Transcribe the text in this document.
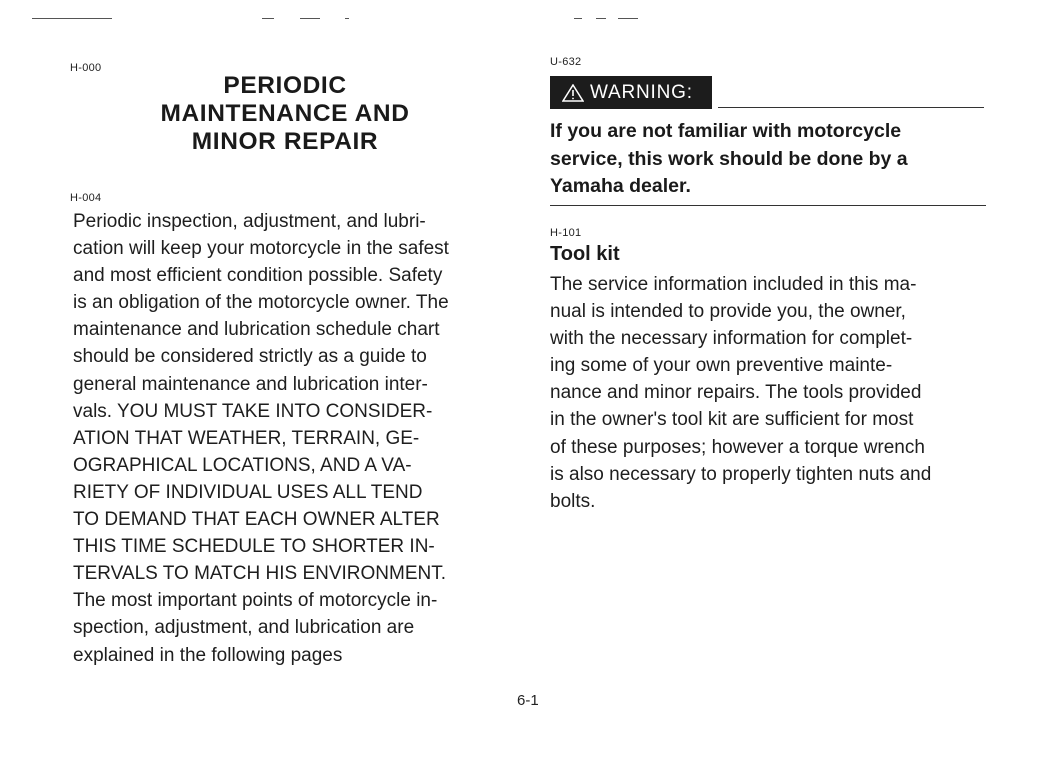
H-000
PERIODIC
MAINTENANCE AND
MINOR REPAIR
H-004
Periodic inspection, adjustment, and lubri-
cation will keep your motorcycle in the safest
and most efficient condition possible. Safety
is an obligation of the motorcycle owner. The
maintenance and lubrication schedule chart
should be considered strictly as a guide to
general maintenance and lubrication inter-
vals. YOU MUST TAKE INTO CONSIDER-
ATION THAT WEATHER, TERRAIN, GE-
OGRAPHICAL LOCATIONS, AND A VA-
RIETY OF INDIVIDUAL USES ALL TEND
TO DEMAND THAT EACH OWNER ALTER
THIS TIME SCHEDULE TO SHORTER IN-
TERVALS TO MATCH HIS ENVIRONMENT.
The most important points of motorcycle in-
spection, adjustment, and lubrication are
explained in the following pages
U-632
WARNING:
If you are not familiar with motorcycle
service, this work should be done by a
Yamaha dealer.
H-101
Tool kit
The service information included in this ma-
nual is intended to provide you, the owner,
with the necessary information for complet-
ing some of your own preventive mainte-
nance and minor repairs. The tools provided
in the owner's tool kit are sufficient for most
of these purposes; however a torque wrench
is also necessary to properly tighten nuts and
bolts.
6-1
